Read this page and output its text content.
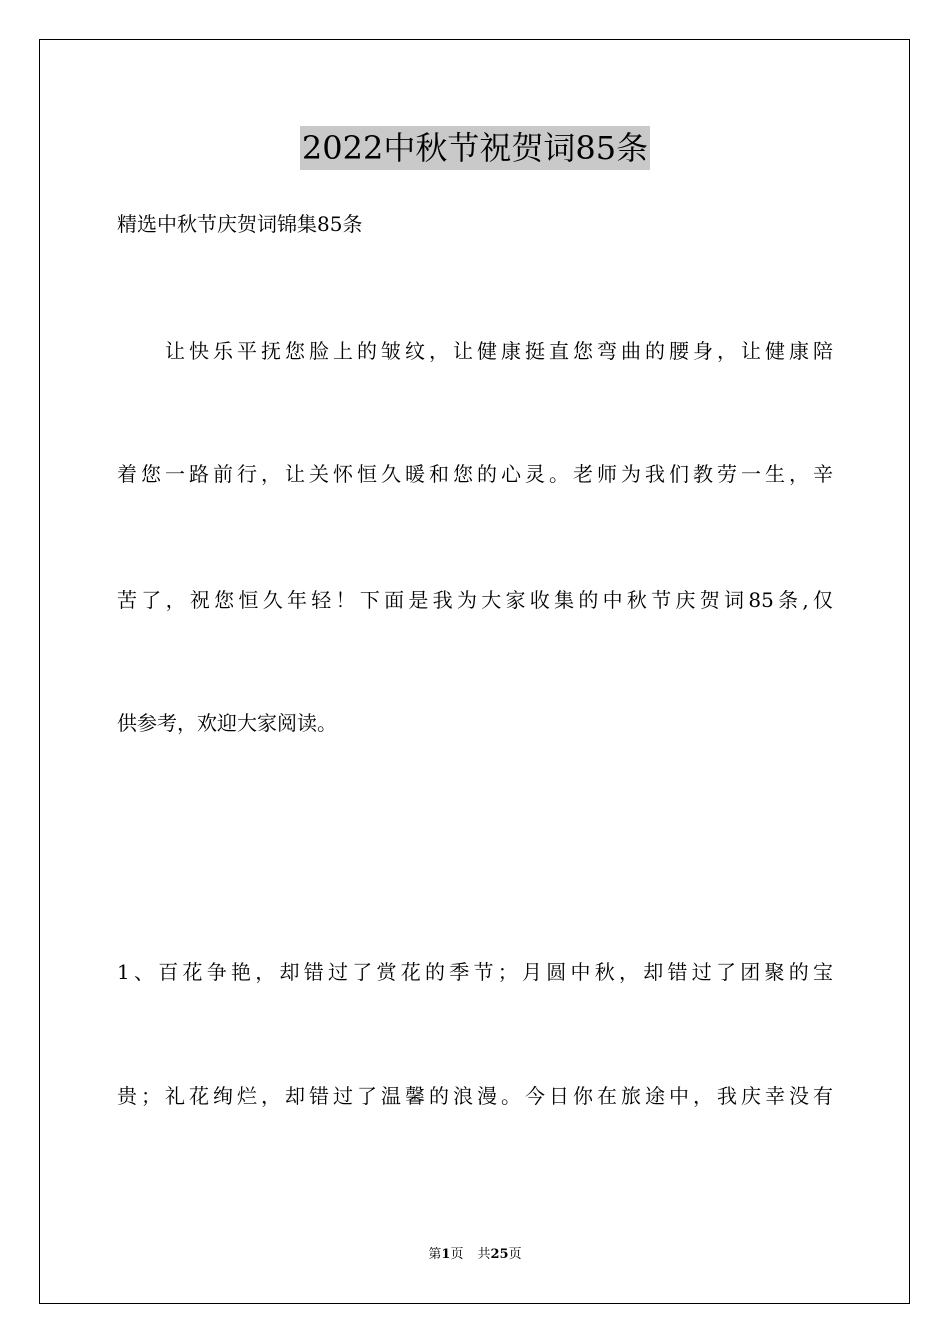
2022中秋节祝贺词85条
精选中秋节庆贺词锦集85条
让快乐平抚您脸上的皱纹，让健康挺直您弯曲的腰身，让健康陪
着您一路前行，让关怀恒久暖和您的心灵。老师为我们教劳一生，辛
苦了，祝您恒久年轻！下面是我为大家收集的中秋节庆贺词85条,仅
供参考，欢迎大家阅读。
1、百花争艳，却错过了赏花的季节；月圆中秋，却错过了团聚的宝
贵；礼花绚烂，却错过了温馨的浪漫。今日你在旅途中，我庆幸没有
第1页 共25页
